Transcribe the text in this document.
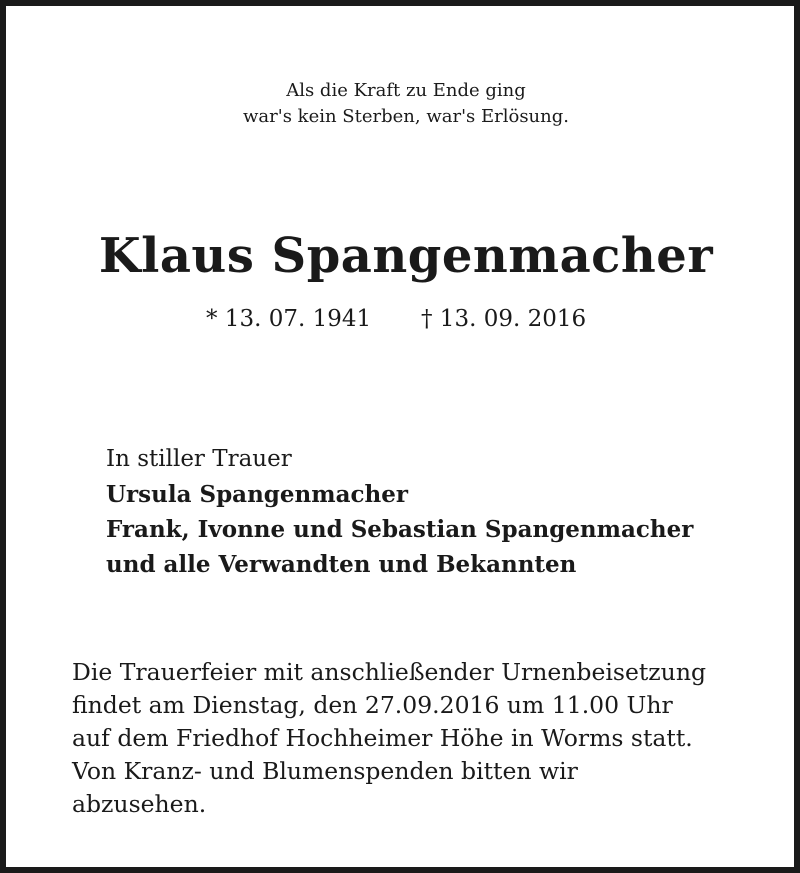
Als die Kraft zu Ende ging
war's kein Sterben, war's Erlösung.
Klaus Spangenmacher
* 13. 07. 1941 † 13. 09. 2016
In stiller Trauer
Ursula Spangenmacher
Frank, Ivonne und Sebastian Spangenmacher
und alle Verwandten und Bekannten
Die Trauerfeier mit anschließender Urnenbeisetzung
findet am Dienstag, den 27.09.2016 um 11.00 Uhr
auf dem Friedhof Hochheimer Höhe in Worms statt.
Von Kranz- und Blumenspenden bitten wir
abzusehen.
